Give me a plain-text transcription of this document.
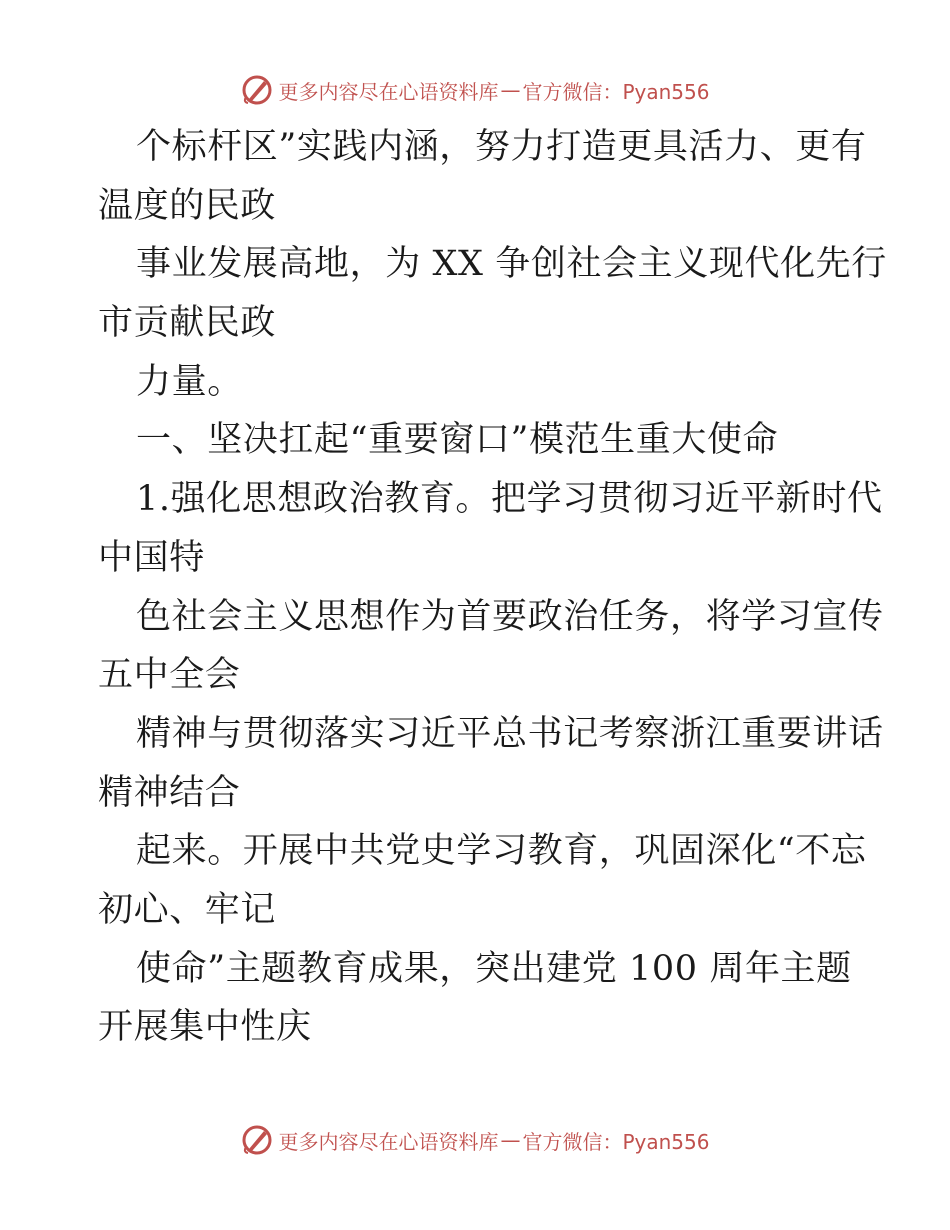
更多内容尽在心语资料库 — 官方微信：Pyan556
个标杆区”实践内涵，努力打造更具活力、更有
温度的民政
事业发展高地，为 XX 争创社会主义现代化先行
市贡献民政
力量。
一、坚决扛起“重要窗口”模范生重大使命
1.强化思想政治教育。把学习贯彻习近平新时代
中国特
色社会主义思想作为首要政治任务，将学习宣传
五中全会
精神与贯彻落实习近平总书记考察浙江重要讲话
精神结合
起来。开展中共党史学习教育，巩固深化“不忘
初心、牢记
使命”主题教育成果，突出建党 100 周年主题
开展集中性庆
更多内容尽在心语资料库 — 官方微信：Pyan556
